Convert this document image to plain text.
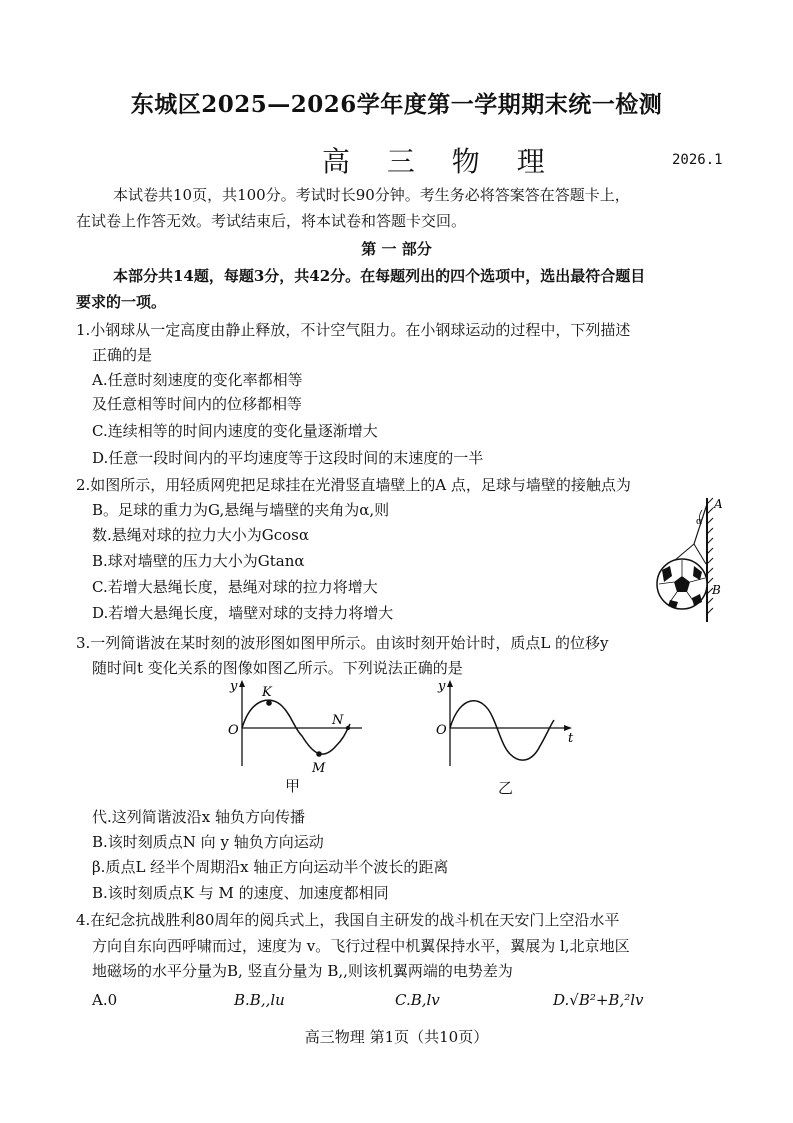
东城区2025—2026学年度第一学期期末统一检测
高 三 物 理	2026.1
本试卷共10页，共100分。考试时长90分钟。考生务必将答案答在答题卡上，
在试卷上作答无效。考试结束后，将本试卷和答题卡交回。
第 一 部分
本部分共14题，每题3分，共42分。在每题列出的四个选项中，选出最符合题目
要求的一项。
1.小钢球从一定高度由静止释放，不计空气阻力。在小钢球运动的过程中，下列描述
正确的是
A.任意时刻速度的变化率都相等
及任意相等时间内的位移都相等
C.连续相等的时间内速度的变化量逐渐增大
D.任意一段时间内的平均速度等于这段时间的末速度的一半
2.如图所示，用轻质网兜把足球挂在光滑竖直墙壁上的A 点，足球与墙壁的接触点为
B。足球的重力为G,悬绳与墙壁的夹角为α,则
数.悬绳对球的拉力大小为Gcosα
B.球对墙壁的压力大小为Gtanα
C.若增大悬绳长度，悬绳对球的拉力将增大
D.若增大悬绳长度，墙壁对球的支持力将增大
A
B
α
3.一列简谐波在某时刻的波形图如图甲所示。由该时刻开始计时，质点L 的位移y
随时间t 变化关系的图像如图乙所示。下列说法正确的是
y
O
K
M
N
甲
y
O
t
乙
代.这列简谐波沿x 轴负方向传播
B.该时刻质点N 向 y 轴负方向运动
β.质点L 经半个周期沿x 轴正方向运动半个波长的距离
B.该时刻质点K 与 M 的速度、加速度都相同
4.在纪念抗战胜利80周年的阅兵式上，我国自主研发的战斗机在天安门上空沿水平
方向自东向西呼啸而过，速度为 v。飞行过程中机翼保持水平，翼展为 l,北京地区
地磁场的水平分量为B, 竖直分量为 B,,则该机翼两端的电势差为
A.0	B.B,,lu	C.B,lv	D.√B²+B,²lv
高三物理 第1页（共10页）
